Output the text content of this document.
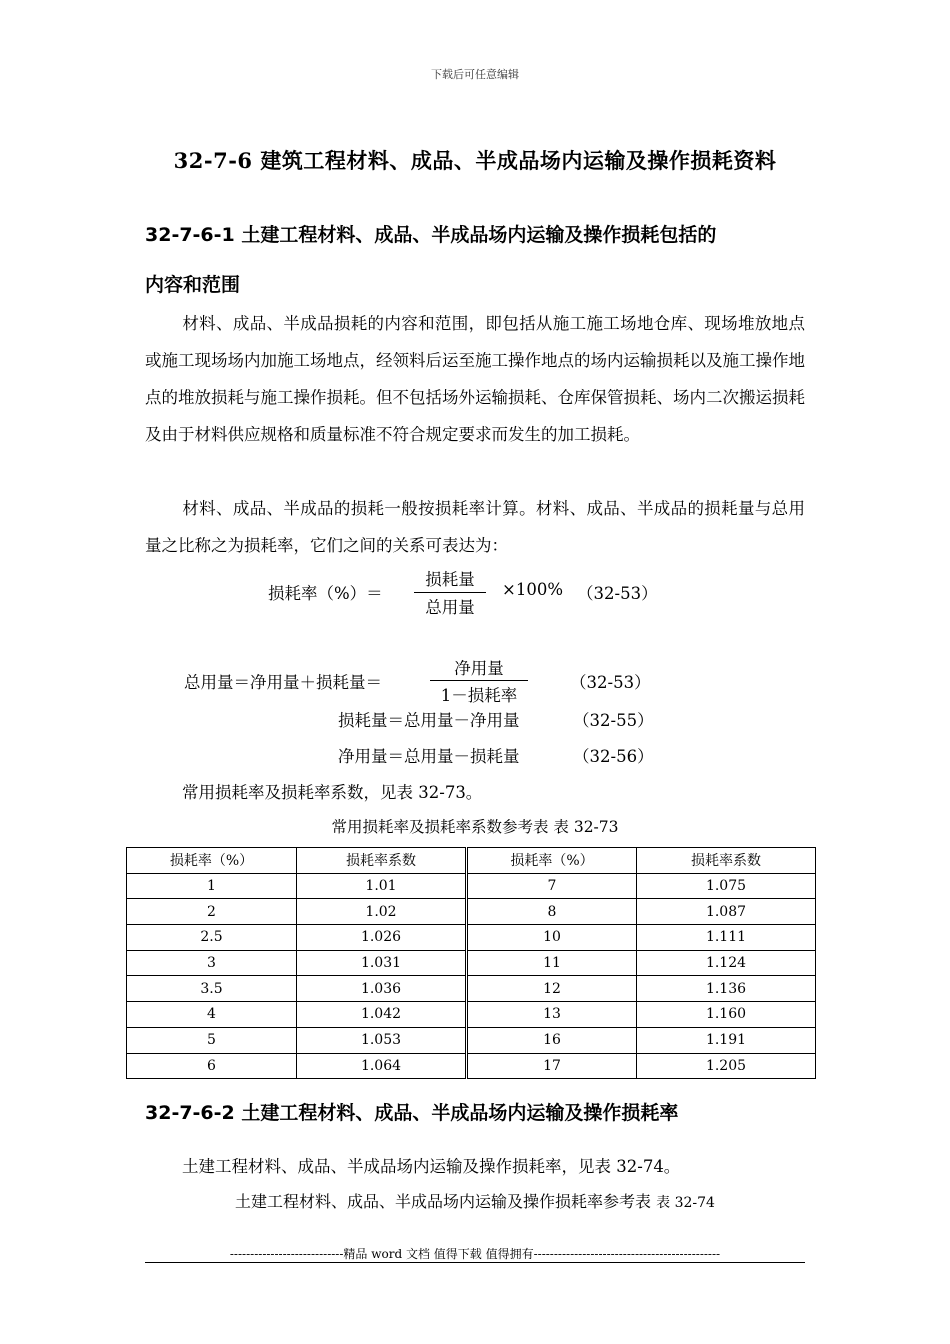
下载后可任意编辑
32-7-6 建筑工程材料、成品、半成品场内运输及操作损耗资料
32-7-6-1 土建工程材料、成品、半成品场内运输及操作损耗包括的
内容和范围
材料、成品、半成品损耗的内容和范围，即包括从施工施工场地仓库、现场堆放地点或施工现场场内加施工场地点，经领料后运至施工操作地点的场内运输损耗以及施工操作地点的堆放损耗与施工操作损耗。但不包括场外运输损耗、仓库保管损耗、场内二次搬运损耗及由于材料供应规格和质量标准不符合规定要求而发生的加工损耗。
材料、成品、半成品的损耗一般按损耗率计算。材料、成品、半成品的损耗量与总用量之比称之为损耗率，它们之间的关系可表达为：
损耗率（%）＝
损耗量
总用量
×100% （32-53）
总用量＝净用量＋损耗量＝
净用量
1－损耗率
（32-53）
损耗量＝总用量－净用量	（32-55）
净用量＝总用量－损耗量	（32-56）
常用损耗率及损耗率系数，见表 32-73。
常用损耗率及损耗率系数参考表 表 32-73
损耗率（%）	损耗率系数	损耗率（%）	损耗率系数
1	1.01	7	1.075
2	1.02	8	1.087
2.5	1.026	10	1.111
3	1.031	11	1.124
3.5	1.036	12	1.136
4	1.042	13	1.160
5	1.053	16	1.191
6	1.064	17	1.205
32-7-6-2 土建工程材料、成品、半成品场内运输及操作损耗率
土建工程材料、成品、半成品场内运输及操作损耗率，见表 32-74。
土建工程材料、成品、半成品场内运输及操作损耗率参考表 表 32-74
----------------------------精品 word 文档 值得下载 值得拥有----------------------------------------------
